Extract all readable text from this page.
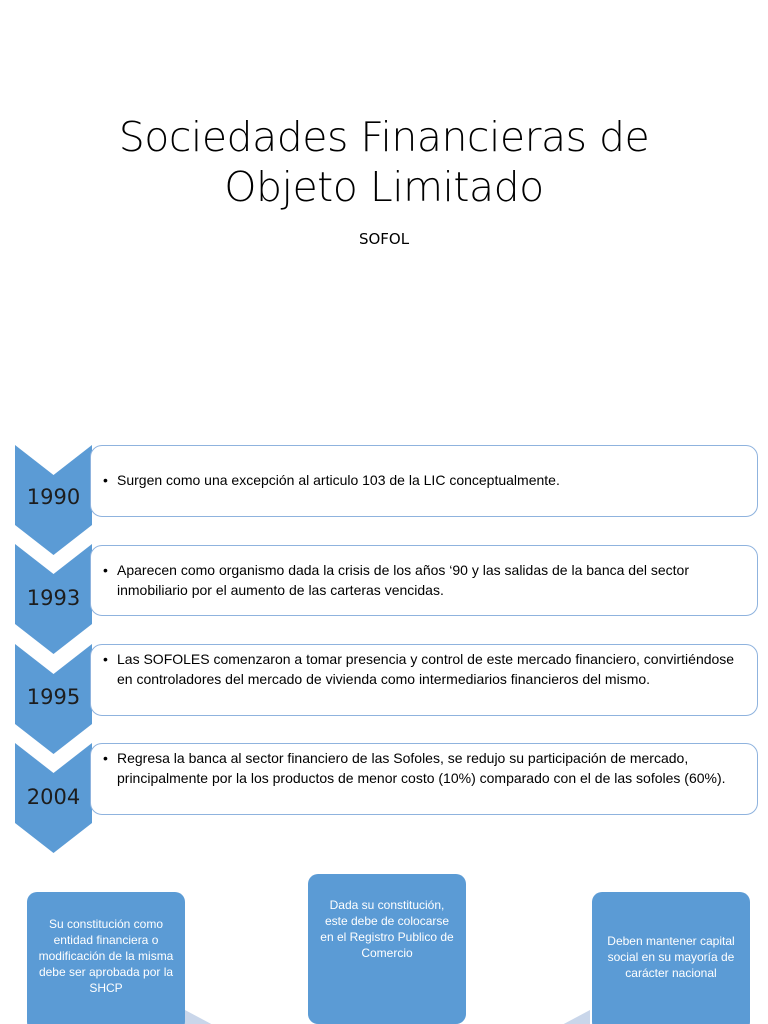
Sociedades Financieras de
Objeto Limitado
SOFOL
1990
• Surgen como una excepción al articulo 103 de la LIC conceptualmente.
1993
• Aparecen como organismo dada la crisis de los años ‘90 y las salidas de la banca del sector inmobiliario por el aumento de las carteras vencidas.
1995
• Las SOFOLES comenzaron a tomar presencia y control de este mercado financiero, convirtiéndose en controladores del mercado de vivienda como intermediarios financieros del mismo.
2004
• Regresa la banca al sector financiero de las Sofoles, se redujo su participación de mercado, principalmente por la los productos de menor costo (10%) comparado con el de las sofoles (60%).
Su constitución como entidad financiera o modificación de la misma debe ser aprobada por la SHCP
Dada su constitución, este debe de colocarse en el Registro Publico de Comercio
Deben mantener capital social en su mayoría de carácter nacional
